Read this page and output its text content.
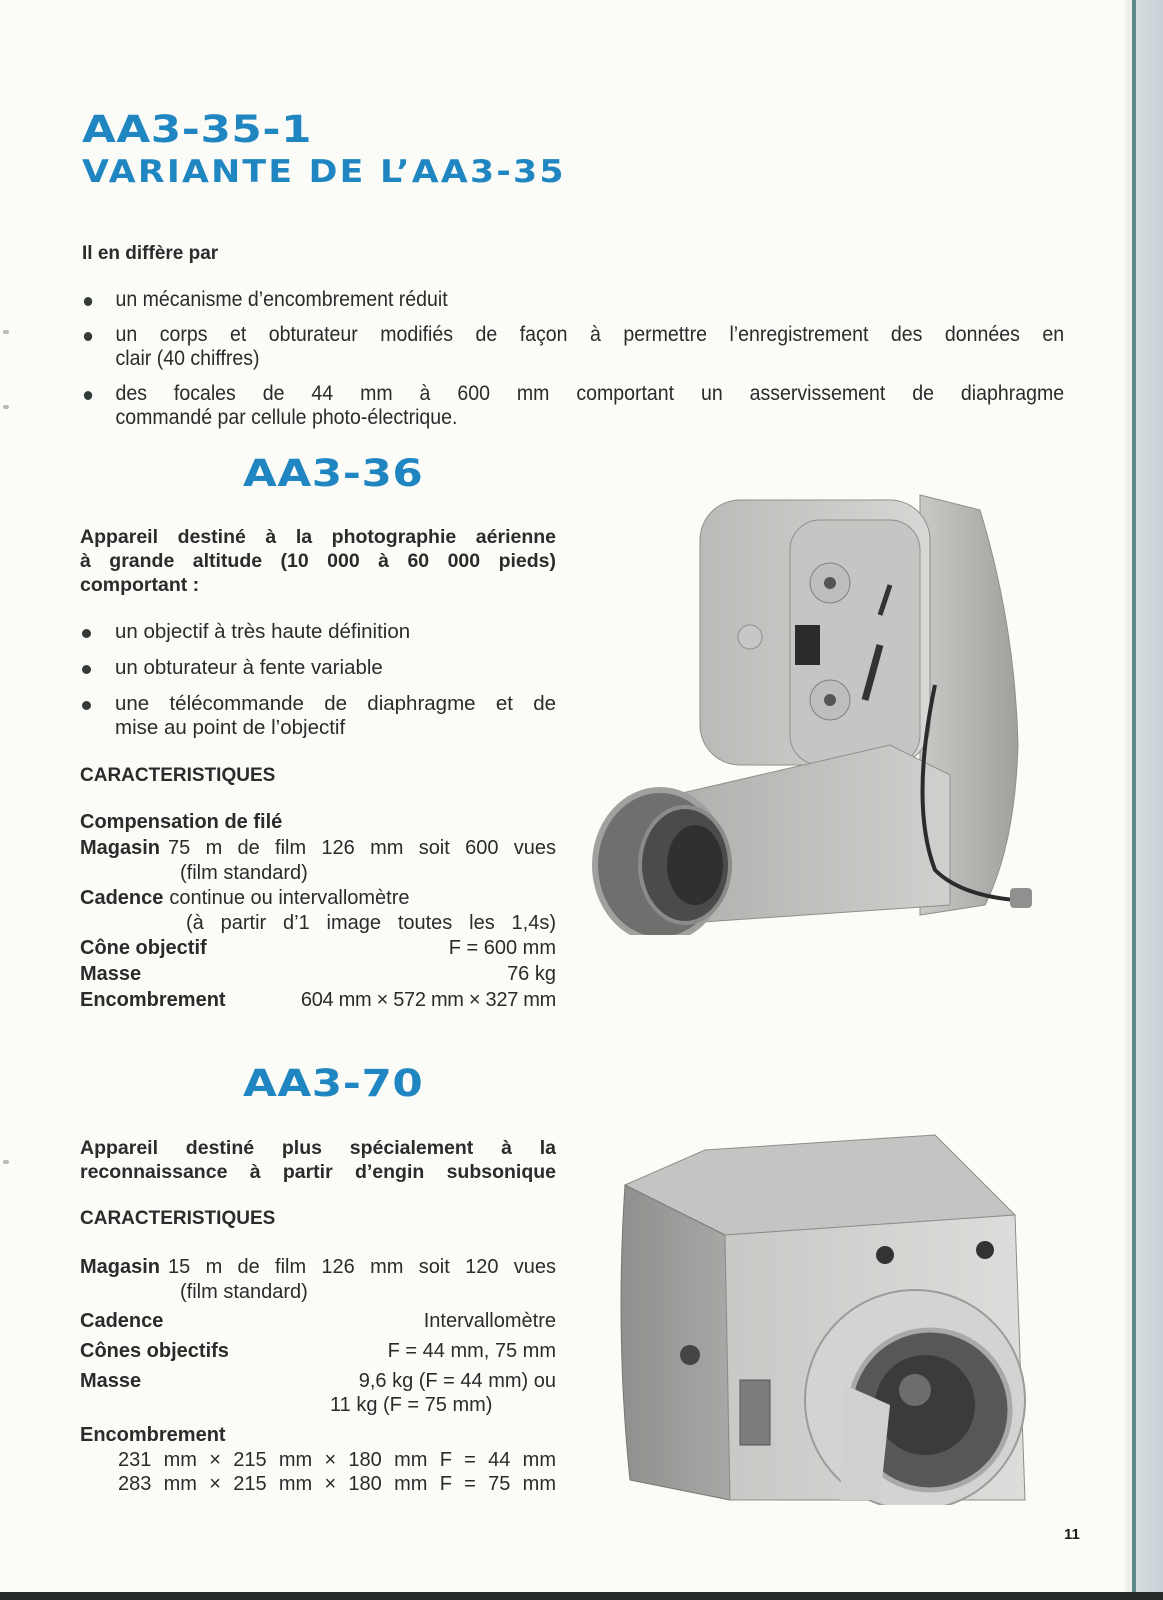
AA3-35-1
VARIANTE DE L’AA3-35
Il en diffère par
un mécanisme d’encombrement réduit
un corps et obturateur modifiés de façon à permettre l’enregistrement des données en
clair (40 chiffres)
des focales de 44 mm à 600 mm comportant un asservissement de diaphragme
commandé par cellule photo-électrique.
AA3-36
Appareil destiné à la photographie aérienne
à grande altitude (10 000 à 60 000 pieds)
comportant :
un objectif à très haute définition
un obturateur à fente variable
une télécommande de diaphragme et de
mise au point de l’objectif
CARACTERISTIQUES
Compensation de filé
Magasin 75 m de film 126 mm soit 600 vues
(film standard)
Cadence continue ou intervallomètre
(à partir d’1 image toutes les 1,4s)
Cône objectif	F = 600 mm
Masse	76 kg
Encombrement	604 mm × 572 mm × 327 mm
AA3-70
Appareil destiné plus spécialement à la
reconnaissance à partir d’engin subsonique
CARACTERISTIQUES
Magasin 15 m de film 126 mm soit 120 vues
(film standard)
Cadence	Intervallomètre
Cônes objectifs	F = 44 mm, 75 mm
Masse	9,6 kg (F = 44 mm) ou
11 kg (F = 75 mm)
Encombrement
231 mm × 215 mm × 180 mm F = 44 mm
283 mm × 215 mm × 180 mm F = 75 mm
11
